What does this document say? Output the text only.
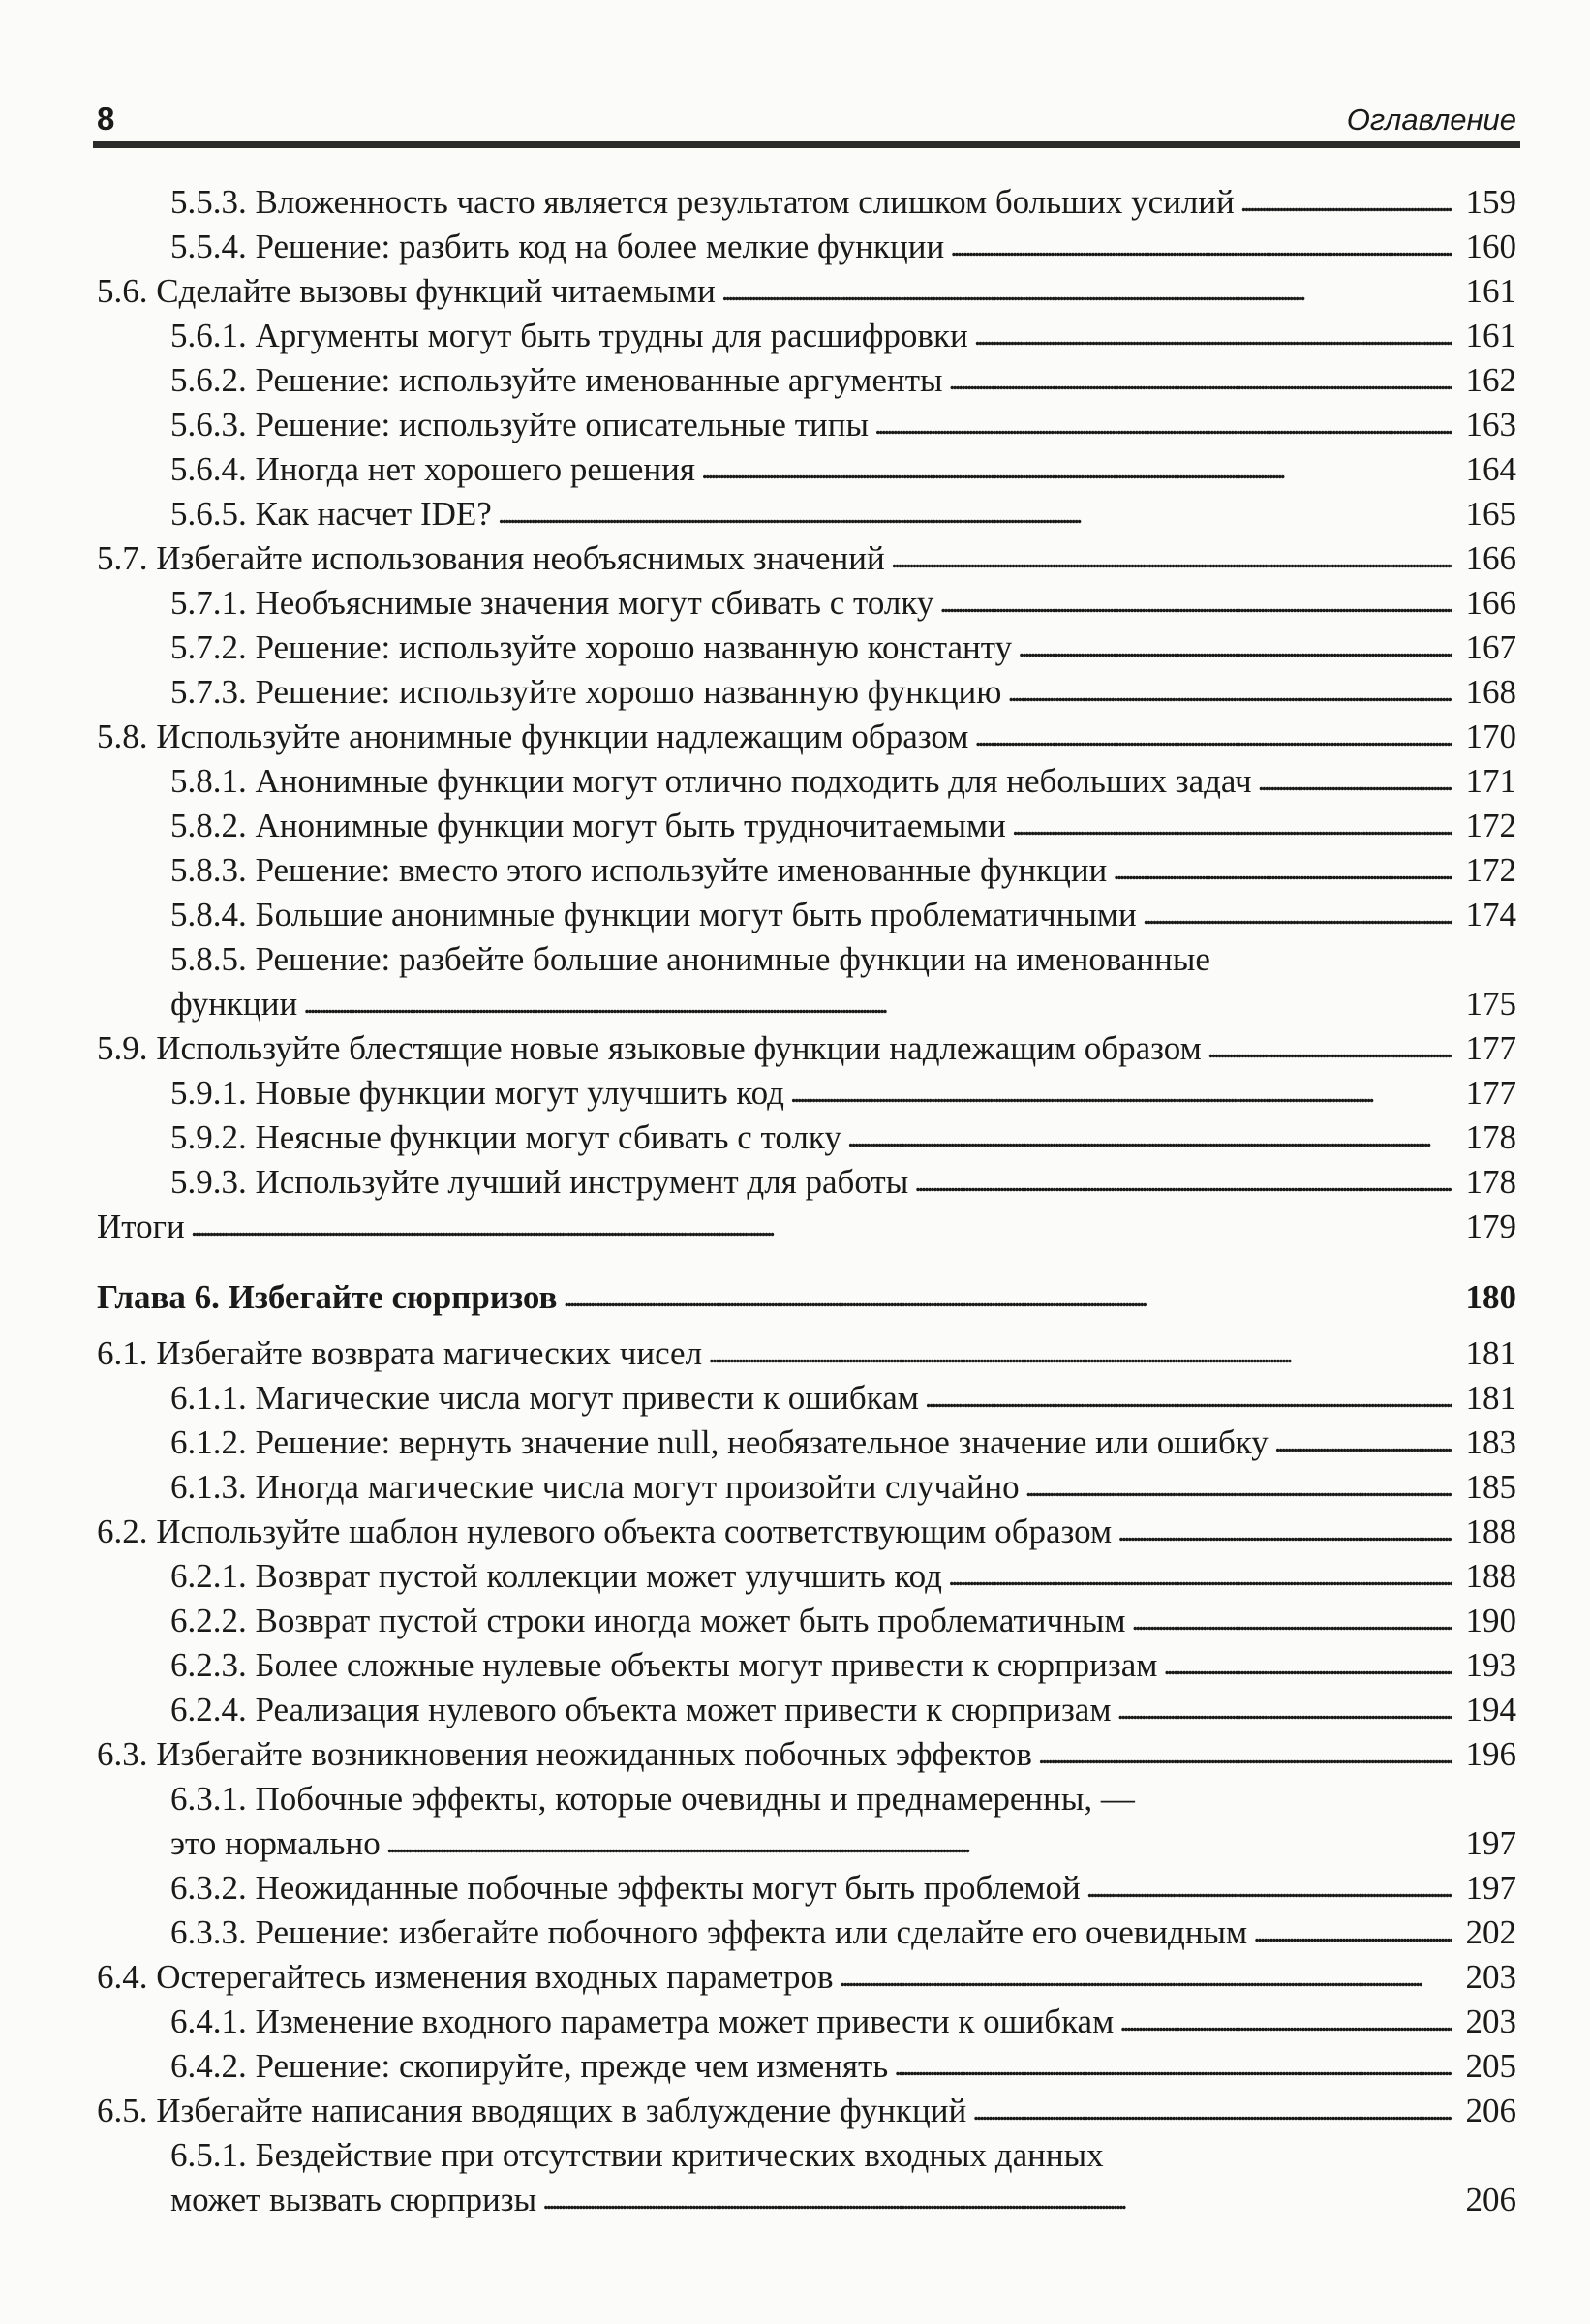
8	Оглавление
5.5.3. Вложенность часто является результатом слишком больших усилий . . .	159
5.5.4. Решение: разбить код на более мелкие функции . . .	160
5.6. Сделайте вызовы функций читаемыми . . .	161
5.6.1. Аргументы могут быть трудны для расшифровки . . .	161
5.6.2. Решение: используйте именованные аргументы . . .	162
5.6.3. Решение: используйте описательные типы . . .	163
5.6.4. Иногда нет хорошего решения . . .	164
5.6.5. Как насчет IDE? . . .	165
5.7. Избегайте использования необъяснимых значений . . .	166
5.7.1. Необъяснимые значения могут сбивать с толку . . .	166
5.7.2. Решение: используйте хорошо названную константу . . .	167
5.7.3. Решение: используйте хорошо названную функцию . . .	168
5.8. Используйте анонимные функции надлежащим образом . . .	170
5.8.1. Анонимные функции могут отлично подходить для небольших задач . . .	171
5.8.2. Анонимные функции могут быть трудночитаемыми . . .	172
5.8.3. Решение: вместо этого используйте именованные функции . . .	172
5.8.4. Большие анонимные функции могут быть проблематичными . . .	174
5.8.5. Решение: разбейте большие анонимные функции на именованные
функции . . .	175
5.9. Используйте блестящие новые языковые функции надлежащим образом . . .	177
5.9.1. Новые функции могут улучшить код . . .	177
5.9.2. Неясные функции могут сбивать с толку . . .	178
5.9.3. Используйте лучший инструмент для работы . . .	178
Итоги . . .	179
Глава 6. Избегайте сюрпризов . . .	180
6.1. Избегайте возврата магических чисел . . .	181
6.1.1. Магические числа могут привести к ошибкам . . .	181
6.1.2. Решение: вернуть значение null, необязательное значение или ошибку . . .	183
6.1.3. Иногда магические числа могут произойти случайно . . .	185
6.2. Используйте шаблон нулевого объекта соответствующим образом . . .	188
6.2.1. Возврат пустой коллекции может улучшить код . . .	188
6.2.2. Возврат пустой строки иногда может быть проблематичным . . .	190
6.2.3. Более сложные нулевые объекты могут привести к сюрпризам . . .	193
6.2.4. Реализация нулевого объекта может привести к сюрпризам . . .	194
6.3. Избегайте возникновения неожиданных побочных эффектов . . .	196
6.3.1. Побочные эффекты, которые очевидны и преднамеренны, —
это нормально . . .	197
6.3.2. Неожиданные побочные эффекты могут быть проблемой . . .	197
6.3.3. Решение: избегайте побочного эффекта или сделайте его очевидным . . .	202
6.4. Остерегайтесь изменения входных параметров . . .	203
6.4.1. Изменение входного параметра может привести к ошибкам . . .	203
6.4.2. Решение: скопируйте, прежде чем изменять . . .	205
6.5. Избегайте написания вводящих в заблуждение функций . . .	206
6.5.1. Бездействие при отсутствии критических входных данных
может вызвать сюрпризы . . .	206
